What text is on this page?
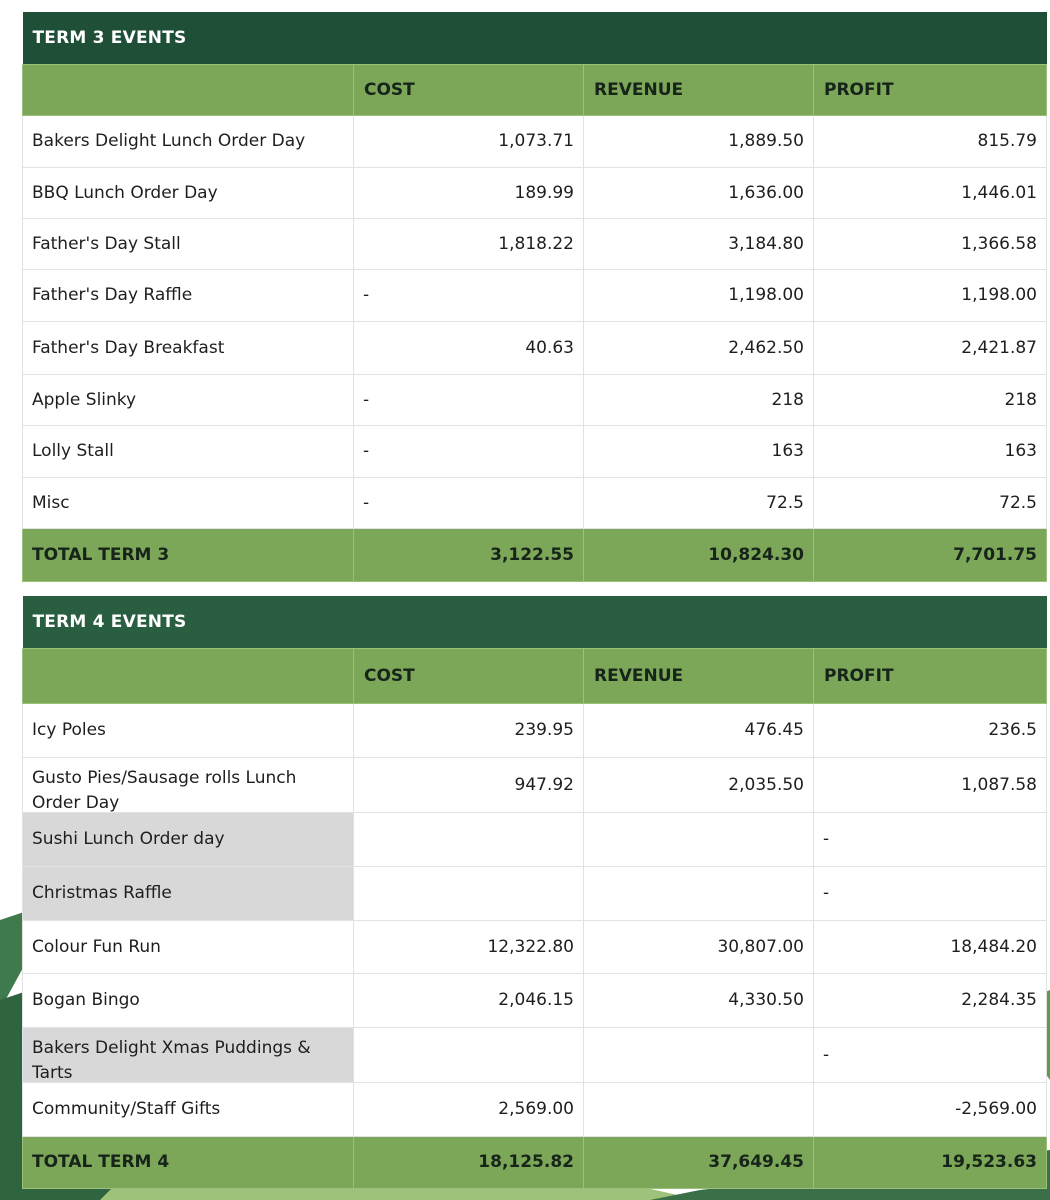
TERM 3 EVENTS			
	COST	REVENUE	PROFIT
Bakers Delight Lunch Order Day	1,073.71	1,889.50	815.79
BBQ Lunch Order Day	189.99	1,636.00	1,446.01
Father's Day Stall	1,818.22	3,184.80	1,366.58
Father's Day Raffle	-	1,198.00	1,198.00
Father's Day Breakfast	40.63	2,462.50	2,421.87
Apple Slinky	-	218	218
Lolly Stall	-	163	163
Misc	-	72.5	72.5
TOTAL TERM 3	3,122.55	10,824.30	7,701.75
TERM 4 EVENTS			
	COST	REVENUE	PROFIT
Icy Poles	239.95	476.45	236.5

Gusto Pies/Sausage rolls Lunch Order Day	947.92	2,035.50	1,087.58
Sushi Lunch Order day			-
Christmas Raffle			-
Colour Fun Run	12,322.80	30,807.00	18,484.20
Bogan Bingo	2,046.15	4,330.50	2,284.35

Bakers Delight Xmas Puddings & Tarts			-
Community/Staff Gifts	2,569.00		-2,569.00
TOTAL TERM 4	18,125.82	37,649.45	19,523.63
